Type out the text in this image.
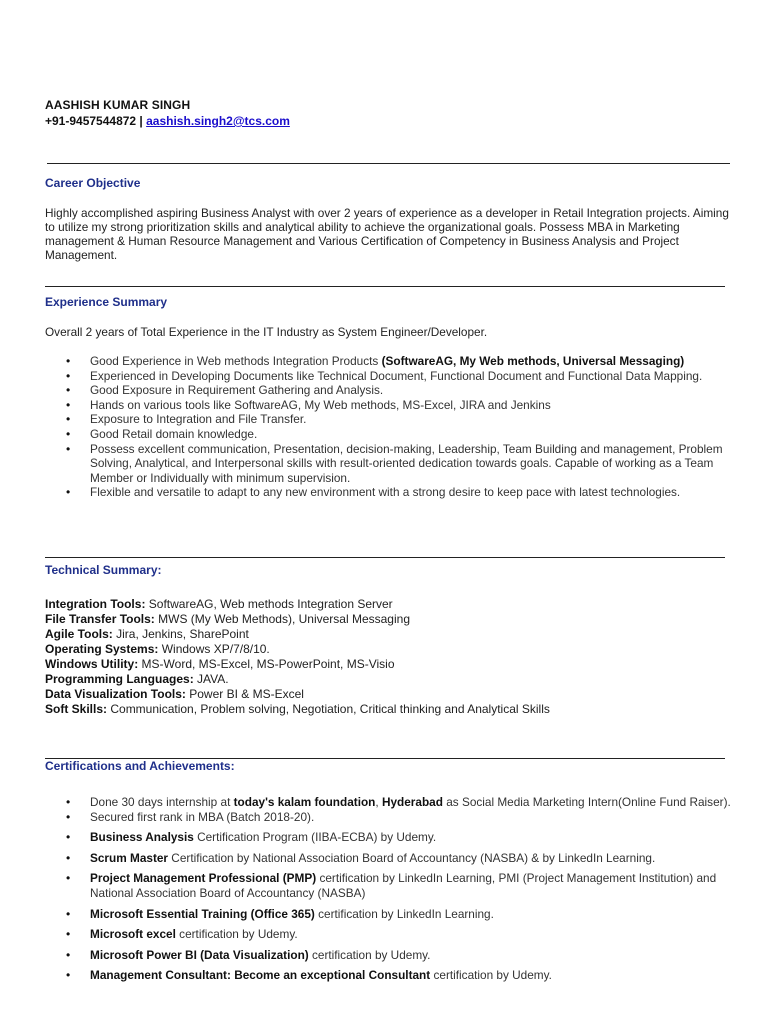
AASHISH KUMAR SINGH
+91-9457544872 | aashish.singh2@tcs.com
Career Objective
Highly accomplished aspiring Business Analyst with over 2 years of experience as a developer in Retail Integration projects. Aiming to utilize my strong prioritization skills and analytical ability to achieve the organizational goals. Possess MBA in Marketing management & Human Resource Management and Various Certification of Competency in Business Analysis and Project Management.
Experience Summary
Overall 2 years of Total Experience in the IT Industry as System Engineer/Developer.
• Good Experience in Web methods Integration Products (SoftwareAG, My Web methods, Universal Messaging)
• Experienced in Developing Documents like Technical Document, Functional Document and Functional Data Mapping.
• Good Exposure in Requirement Gathering and Analysis.
• Hands on various tools like SoftwareAG, My Web methods, MS-Excel, JIRA and Jenkins
• Exposure to Integration and File Transfer.
• Good Retail domain knowledge.
• Possess excellent communication, Presentation, decision-making, Leadership, Team Building and management, Problem Solving, Analytical, and Interpersonal skills with result-oriented dedication towards goals. Capable of working as a Team Member or Individually with minimum supervision.
• Flexible and versatile to adapt to any new environment with a strong desire to keep pace with latest technologies.
Technical Summary:
Integration Tools: SoftwareAG, Web methods Integration Server
File Transfer Tools: MWS (My Web Methods), Universal Messaging
Agile Tools: Jira, Jenkins, SharePoint
Operating Systems: Windows XP/7/8/10.
Windows Utility: MS-Word, MS-Excel, MS-PowerPoint, MS-Visio
Programming Languages: JAVA.
Data Visualization Tools: Power BI & MS-Excel
Soft Skills: Communication, Problem solving, Negotiation, Critical thinking and Analytical Skills
Certifications and Achievements:
• Done 30 days internship at today's kalam foundation, Hyderabad as Social Media Marketing Intern(Online Fund Raiser).
• Secured first rank in MBA (Batch 2018-20).
• Business Analysis Certification Program (IIBA-ECBA) by Udemy.
• Scrum Master Certification by National Association Board of Accountancy (NASBA) & by LinkedIn Learning.
• Project Management Professional (PMP) certification by LinkedIn Learning, PMI (Project Management Institution) and National Association Board of Accountancy (NASBA)
• Microsoft Essential Training (Office 365) certification by LinkedIn Learning.
• Microsoft excel certification by Udemy.
• Microsoft Power BI (Data Visualization) certification by Udemy.
• Management Consultant: Become an exceptional Consultant certification by Udemy.
